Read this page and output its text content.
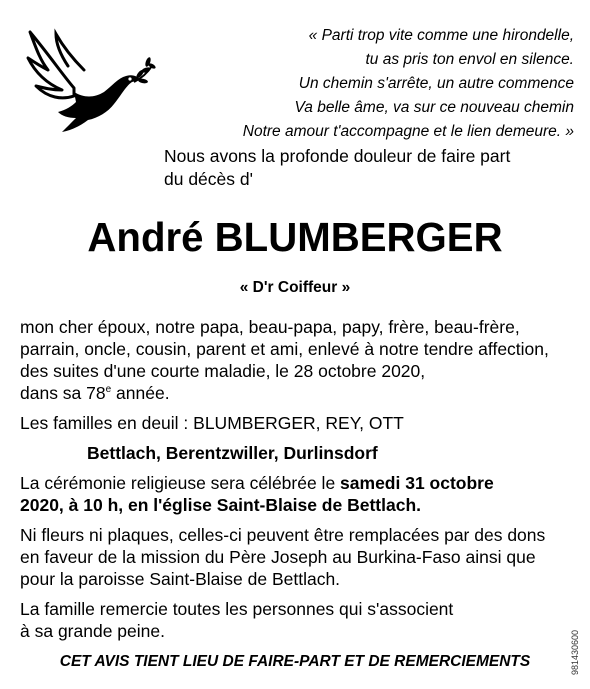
« Parti trop vite comme une hirondelle,
tu as pris ton envol en silence.
Un chemin s'arrête, un autre commence
Va belle âme, va sur ce nouveau chemin
Notre amour t'accompagne et le lien demeure. »
Nous avons la profonde douleur de faire part
du décès d'
André BLUMBERGER
« D'r Coiffeur »
mon cher époux, notre papa, beau-papa, papy, frère, beau-frère,
parrain, oncle, cousin, parent et ami, enlevé à notre tendre affection,
des suites d'une courte maladie, le 28 octobre 2020,
dans sa 78e année.
Les familles en deuil : BLUMBERGER, REY, OTT
Bettlach, Berentzwiller, Durlinsdorf
La cérémonie religieuse sera célébrée le samedi 31 octobre
2020, à 10 h, en l'église Saint-Blaise de Bettlach.
Ni fleurs ni plaques, celles-ci peuvent être remplacées par des dons
en faveur de la mission du Père Joseph au Burkina-Faso ainsi que
pour la paroisse Saint-Blaise de Bettlach.
La famille remercie toutes les personnes qui s'associent
à sa grande peine.
CET AVIS TIENT LIEU DE FAIRE-PART ET DE REMERCIEMENTS	981430600
